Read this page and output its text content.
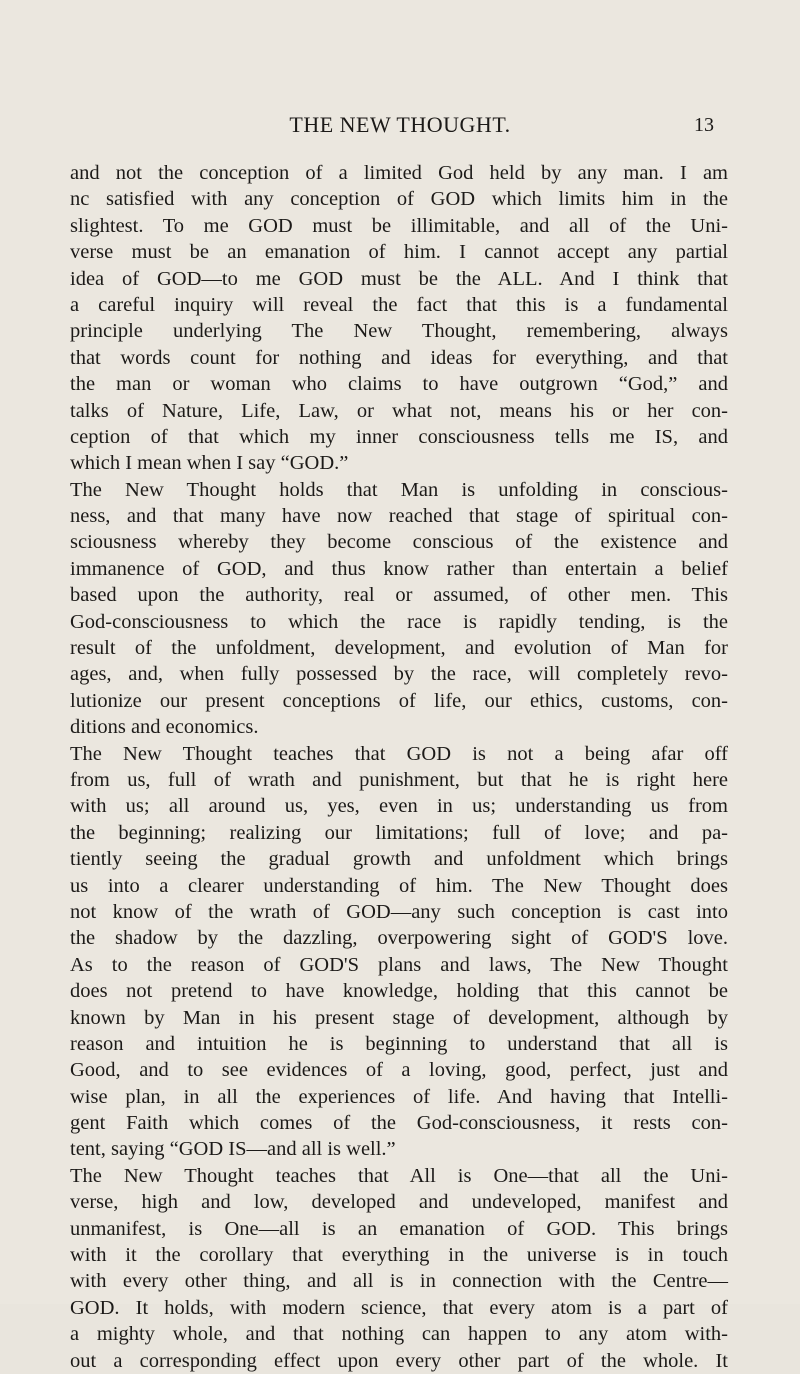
THE NEW THOUGHT.	13
and not the conception of a limited God held by any man. I am
nc satisfied with any conception of GOD which limits him in the
slightest. To me GOD must be illimitable, and all of the Uni-
verse must be an emanation of him. I cannot accept any partial
idea of GOD—to me GOD must be the ALL. And I think that
a careful inquiry will reveal the fact that this is a fundamental
principle underlying The New Thought, remembering, always
that words count for nothing and ideas for everything, and that
the man or woman who claims to have outgrown “God,” and
talks of Nature, Life, Law, or what not, means his or her con-
ception of that which my inner consciousness tells me IS, and
which I mean when I say “GOD.”
The New Thought holds that Man is unfolding in conscious-
ness, and that many have now reached that stage of spiritual con-
sciousness whereby they become conscious of the existence and
immanence of GOD, and thus know rather than entertain a belief
based upon the authority, real or assumed, of other men. This
God-consciousness to which the race is rapidly tending, is the
result of the unfoldment, development, and evolution of Man for
ages, and, when fully possessed by the race, will completely revo-
lutionize our present conceptions of life, our ethics, customs, con-
ditions and economics.
The New Thought teaches that GOD is not a being afar off
from us, full of wrath and punishment, but that he is right here
with us; all around us, yes, even in us; understanding us from
the beginning; realizing our limitations; full of love; and pa-
tiently seeing the gradual growth and unfoldment which brings
us into a clearer understanding of him. The New Thought does
not know of the wrath of GOD—any such conception is cast into
the shadow by the dazzling, overpowering sight of GOD'S love.
As to the reason of GOD'S plans and laws, The New Thought
does not pretend to have knowledge, holding that this cannot be
known by Man in his present stage of development, although by
reason and intuition he is beginning to understand that all is
Good, and to see evidences of a loving, good, perfect, just and
wise plan, in all the experiences of life. And having that Intelli-
gent Faith which comes of the God-consciousness, it rests con-
tent, saying “GOD IS—and all is well.”
The New Thought teaches that All is One—that all the Uni-
verse, high and low, developed and undeveloped, manifest and
unmanifest, is One—all is an emanation of GOD. This brings
with it the corollary that everything in the universe is in touch
with every other thing, and all is in connection with the Centre—
GOD. It holds, with modern science, that every atom is a part of
a mighty whole, and that nothing can happen to any atom with-
out a corresponding effect upon every other part of the whole. It
